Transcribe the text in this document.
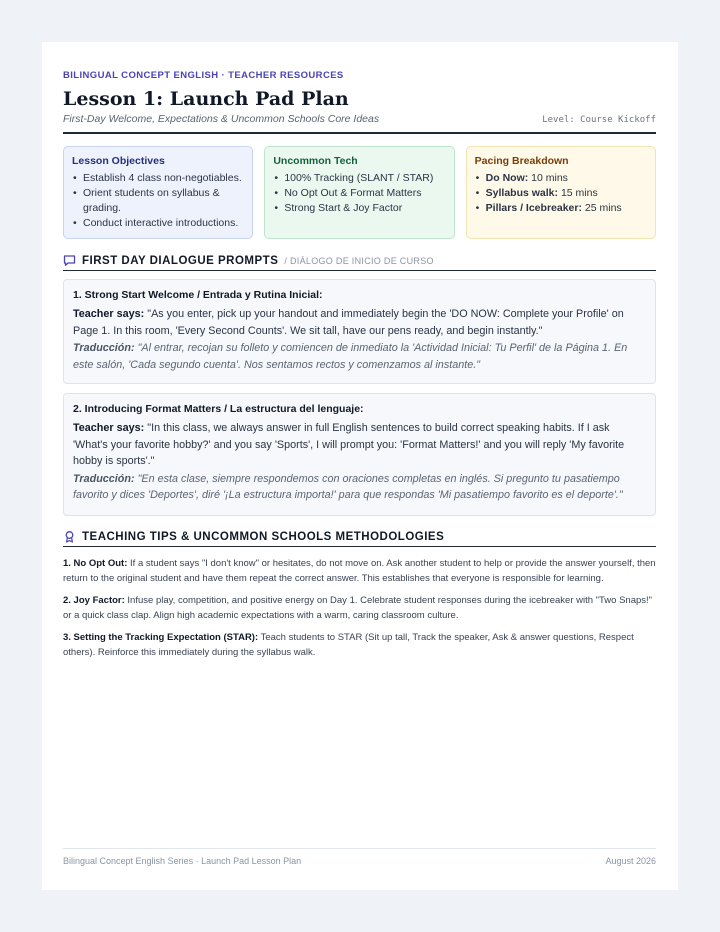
BILINGUAL CONCEPT ENGLISH · TEACHER RESOURCES
Lesson 1: Launch Pad Plan
First-Day Welcome, Expectations & Uncommon Schools Core Ideas	Level: Course Kickoff
Lesson Objectives
• Establish 4 class non-negotiables.
• Orient students on syllabus & grading.
• Conduct interactive introductions.
Uncommon Tech
• 100% Tracking (SLANT / STAR)
• No Opt Out & Format Matters
• Strong Start & Joy Factor
Pacing Breakdown
• Do Now: 10 mins
• Syllabus walk: 15 mins
• Pillars / Icebreaker: 25 mins
FIRST DAY DIALOGUE PROMPTS / DIÁLOGO DE INICIO DE CURSO
1. Strong Start Welcome / Entrada y Rutina Inicial:
Teacher says: "As you enter, pick up your handout and immediately begin the 'DO NOW: Complete your Profile' on Page 1. In this room, 'Every Second Counts'. We sit tall, have our pens ready, and begin instantly."
Traducción: "Al entrar, recojan su folleto y comiencen de inmediato la 'Actividad Inicial: Tu Perfil' de la Página 1. En este salón, 'Cada segundo cuenta'. Nos sentamos rectos y comenzamos al instante."
2. Introducing Format Matters / La estructura del lenguaje:
Teacher says: "In this class, we always answer in full English sentences to build correct speaking habits. If I ask 'What's your favorite hobby?' and you say 'Sports', I will prompt you: 'Format Matters!' and you will reply 'My favorite hobby is sports'."
Traducción: "En esta clase, siempre respondemos con oraciones completas en inglés. Si pregunto tu pasatiempo favorito y dices 'Deportes', diré '¡La estructura importa!' para que respondas 'Mi pasatiempo favorito es el deporte'."
TEACHING TIPS & UNCOMMON SCHOOLS METHODOLOGIES

1. No Opt Out: If a student says "I don't know" or hesitates, do not move on. Ask another student to help or provide the answer yourself, then return to the original student and have them repeat the correct answer. This establishes that everyone is responsible for learning.

2. Joy Factor: Infuse play, competition, and positive energy on Day 1. Celebrate student responses during the icebreaker with "Two Snaps!" or a quick class clap. Align high academic expectations with a warm, caring classroom culture.

3. Setting the Tracking Expectation (STAR): Teach students to STAR (Sit up tall, Track the speaker, Ask & answer questions, Respect others). Reinforce this immediately during the syllabus walk.

Bilingual Concept English Series · Launch Pad Lesson Plan	August 2026
